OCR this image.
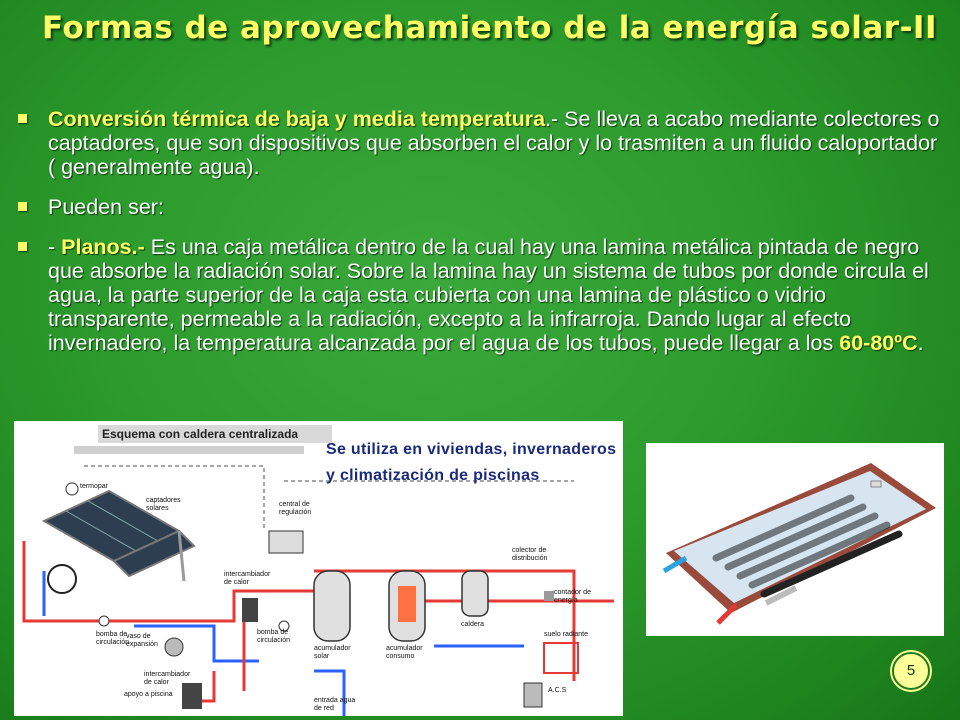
Formas de aprovechamiento de la energía solar-II
Conversión térmica de baja y media temperatura.- Se lleva a acabo mediante colectores o captadores, que son dispositivos que absorben el calor y lo trasmiten a un fluido caloportador ( generalmente agua).
Pueden ser:
- Planos.- Es una caja metálica dentro de la cual hay una lamina metálica pintada de negro que absorbe la radiación solar. Sobre la lamina hay un sistema de tubos por donde circula el agua, la parte superior de la caja esta cubierta con una lamina de plástico o vidrio transparente, permeable a la radiación, excepto a la infrarroja. Dando lugar al efecto invernadero, la temperatura alcanzada por el agua de los tubos, puede llegar a los 60-80ºC.
Esquema con caldera centralizada
termopar
captadores solares
central de regulación
bomba de circulación
intercambiador de calor
vaso de expansión
bomba de circulación
acumulador solar
acumulador consumo
caldera
colector de distribución
contador de energía
suelo radiante
A.C.S
intercambiador de calor
apoyo a piscina
entrada agua de red
Se utiliza en viviendas, invernaderos y climatización de piscinas
5
